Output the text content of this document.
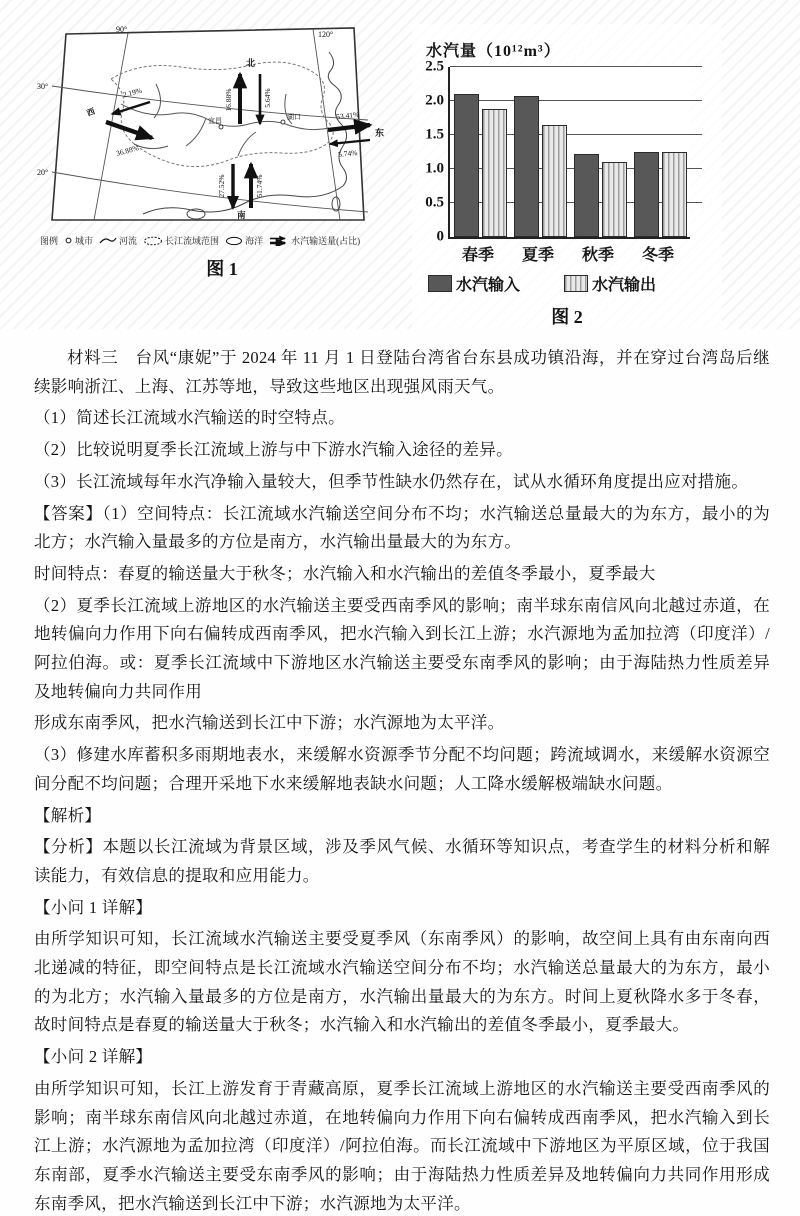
90°
120°
30°
20°
宜昌	湖口
16.88%	5.64%
北
2.19%
36.88%
西	53.41%
5.74%
东
27.52%	51.74%
南
图例 城市	河流	长江流域范围	海洋	水汽输送量(占比)
图 1
水汽量（10¹²m³）
0
0.5
1.0
1.5
2.0
2.5
春季	夏季	秋季	冬季
水汽输入	水汽输出
图 2

材料三　台风“康妮”于 2024 年 11 月 1 日登陆台湾省台东县成功镇沿海，并在穿过台湾岛后继续影响浙江、上海、江苏等地，导致这些地区出现强风雨天气。

（1）简述长江流域水汽输送的时空特点。

（2）比较说明夏季长江流域上游与中下游水汽输入途径的差异。

（3）长江流域每年水汽净输入量较大，但季节性缺水仍然存在，试从水循环角度提出应对措施。

【答案】（1）空间特点：长江流域水汽输送空间分布不均；水汽输送总量最大的为东方，最小的为北方；水汽输入量最多的方位是南方，水汽输出量最大的为东方。

时间特点：春夏的输送量大于秋冬；水汽输入和水汽输出的差值冬季最小，夏季最大

（2）夏季长江流域上游地区的水汽输送主要受西南季风的影响；南半球东南信风向北越过赤道，在地转偏向力作用下向右偏转成西南季风，把水汽输入到长江上游；水汽源地为孟加拉湾（印度洋）/阿拉伯海。或：夏季长江流域中下游地区水汽输送主要受东南季风的影响；由于海陆热力性质差异及地转偏向力共同作用

形成东南季风，把水汽输送到长江中下游；水汽源地为太平洋。

（3）修建水库蓄积多雨期地表水，来缓解水资源季节分配不均问题；跨流域调水，来缓解水资源空间分配不均问题；合理开采地下水来缓解地表缺水问题；人工降水缓解极端缺水问题。

【解析】

【分析】本题以长江流域为背景区域，涉及季风气候、水循环等知识点，考查学生的材料分析和解读能力，有效信息的提取和应用能力。

【小问 1 详解】

由所学知识可知，长江流域水汽输送主要受夏季风（东南季风）的影响，故空间上具有由东南向西北递减的特征，即空间特点是长江流域水汽输送空间分布不均；水汽输送总量最大的为东方，最小的为北方；水汽输入量最多的方位是南方，水汽输出量最大的为东方。时间上夏秋降水多于冬春，故时间特点是春夏的输送量大于秋冬；水汽输入和水汽输出的差值冬季最小，夏季最大。

【小问 2 详解】

由所学知识可知，长江上游发育于青藏高原，夏季长江流域上游地区的水汽输送主要受西南季风的影响；南半球东南信风向北越过赤道，在地转偏向力作用下向右偏转成西南季风，把水汽输入到长江上游；水汽源地为孟加拉湾（印度洋）/阿拉伯海。而长江流域中下游地区为平原区域，位于我国东南部，夏季水汽输送主要受东南季风的影响；由于海陆热力性质差异及地转偏向力共同作用形成东南季风，把水汽输送到长江中下游；水汽源地为太平洋。
